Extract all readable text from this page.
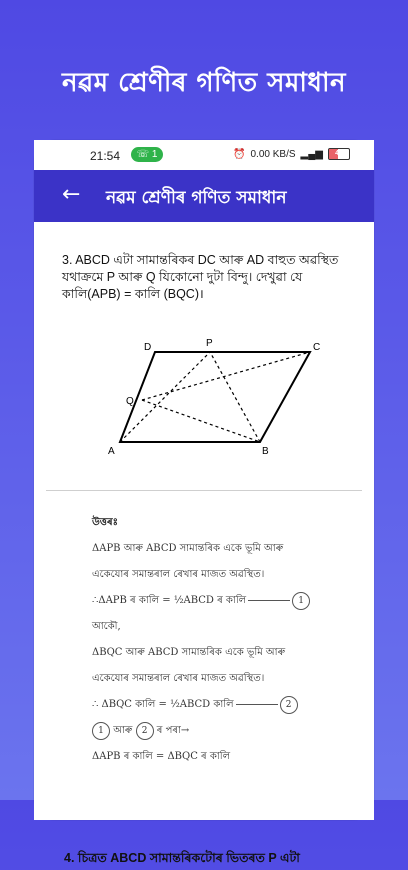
নৱম শ্ৰেণীৰ গণিত সমাধান
21:54	☏ 1	⏰ 0.00 KB/S ▂▄▆	45
← নৱম শ্ৰেণীৰ গণিত সমাধান
3. ABCD এটা সামান্তৰিকৰ DC আৰু AD বাহুত অৱস্থিত যথাক্ৰমে P আৰু Q যিকোনো দুটা বিন্দু। দেখুৱা যে কালি(APB) = কালি (BQC)।
D	P	C
Q
A	B
উত্তৰঃ
ΔAPB আৰু ABCD সামান্তৰিক একে ভূমি আৰু
একেযোৰ সমান্তৰাল ৰেখাৰ মাজত অৱস্থিত।
∴ΔAPB ৰ কালি = ½ABCD ৰ কালি	1
আকৌ,
ΔBQC আৰু ABCD সামান্তৰিক একে ভূমি আৰু
একেযোৰ সমান্তৰাল ৰেখাৰ মাজত অৱস্থিত।
∴ ΔBQC কালি = ½ABCD কালি	2
1 আৰু 2 ৰ পৰা→
ΔAPB ৰ কালি = ΔBQC ৰ কালি
4. চিত্ৰত ABCD সামান্তৰিকটোৰ ভিতৰত P এটা
